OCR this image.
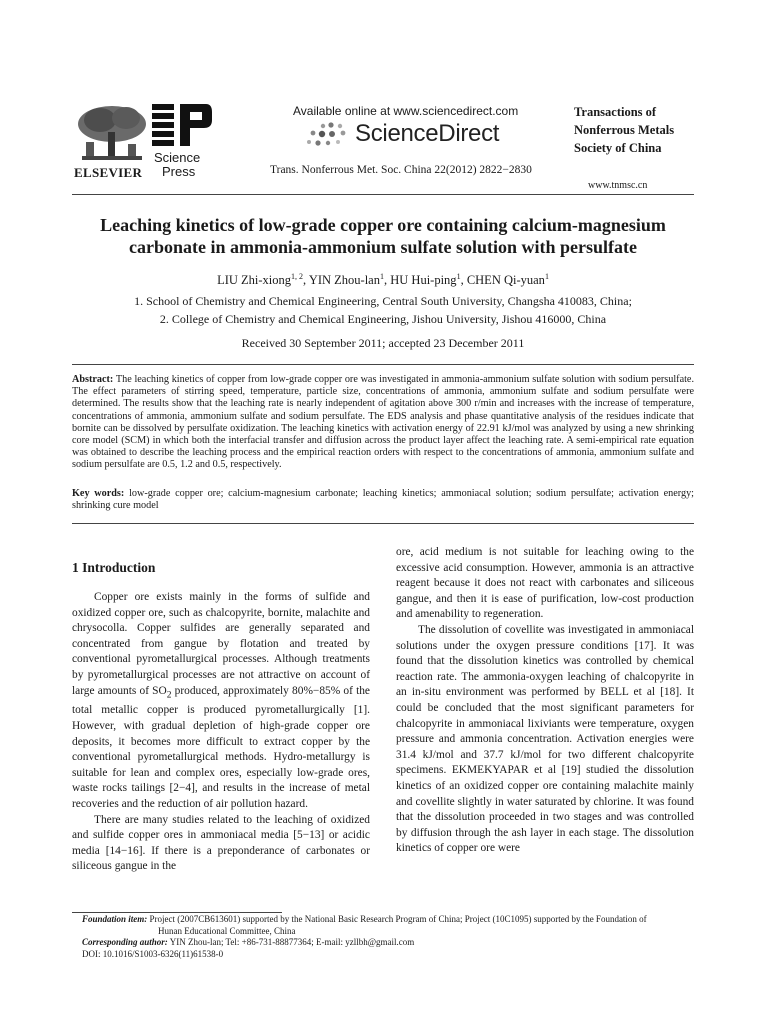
ELSEVIER
Science
Press
Available online at www.sciencedirect.com
ScienceDirect
Trans. Nonferrous Met. Soc. China 22(2012) 2822−2830
Transactions of
Nonferrous Metals
Society of China
www.tnmsc.cn
Leaching kinetics of low-grade copper ore containing calcium-magnesium
carbonate in ammonia-ammonium sulfate solution with persulfate
LIU Zhi-xiong$^{1, 2}$, YIN Zhou-lan$^1$, HU Hui-ping$^1$, CHEN Qi-yuan$^1$
1. School of Chemistry and Chemical Engineering, Central South University, Changsha 410083, China;
2. College of Chemistry and Chemical Engineering, Jishou University, Jishou 416000, China
Received 30 September 2011; accepted 23 December 2011
Abstract: The leaching kinetics of copper from low-grade copper ore was investigated in ammonia-ammonium sulfate solution with sodium persulfate. The effect parameters of stirring speed, temperature, particle size, concentrations of ammonia, ammonium sulfate and sodium persulfate were determined. The results show that the leaching rate is nearly independent of agitation above 300 r/min and increases with the increase of temperature, concentrations of ammonia, ammonium sulfate and sodium persulfate. The EDS analysis and phase quantitative analysis of the residues indicate that bornite can be dissolved by persulfate oxidization. The leaching kinetics with activation energy of 22.91 kJ/mol was analyzed by using a new shrinking core model (SCM) in which both the interfacial transfer and diffusion across the product layer affect the leaching rate. A semi-empirical rate equation was obtained to describe the leaching process and the empirical reaction orders with respect to the concentrations of ammonia, ammonium sulfate and sodium persulfate are 0.5, 1.2 and 0.5, respectively.
Key words: low-grade copper ore; calcium-magnesium carbonate; leaching kinetics; ammoniacal solution; sodium persulfate; activation energy; shrinking cure model
1 Introduction

Copper ore exists mainly in the forms of sulfide and oxidized copper ore, such as chalcopyrite, bornite, malachite and chrysocolla. Copper sulfides are generally separated and concentrated from gangue by flotation and treated by conventional pyrometallurgical processes. Although treatments by pyrometallurgical processes are not attractive on account of large amounts of $SO_2$ produced, approximately 80%−85% of the total metallic copper is produced pyrometallurgically [1]. However, with gradual depletion of high-grade copper ore deposits, it becomes more difficult to extract copper by the conventional pyrometallurgical methods. Hydro-metallurgy is suitable for lean and complex ores, especially low-grade ores, waste rocks tailings [2−4], and results in the increase of metal recoveries and the reduction of air pollution hazard.

There are many studies related to the leaching of oxidized and sulfide copper ores in ammoniacal media [5−13] or acidic media [14−16]. If there is a preponderance of carbonates or siliceous gangue in the

ore, acid medium is not suitable for leaching owing to the excessive acid consumption. However, ammonia is an attractive reagent because it does not react with carbonates and siliceous gangue, and then it is ease of purification, low-cost production and amenability to regeneration.

The dissolution of covellite was investigated in ammoniacal solutions under the oxygen pressure conditions [17]. It was found that the dissolution kinetics was controlled by chemical reaction rate. The ammonia-oxygen leaching of chalcopyrite in an in-situ environment was performed by BELL et al [18]. It could be concluded that the most significant parameters for chalcopyrite in ammoniacal lixiviants were temperature, oxygen pressure and ammonia concentration. Activation energies were 31.4 kJ/mol and 37.7 kJ/mol for two different chalcopyrite specimens. EKMEKYAPAR et al [19] studied the dissolution kinetics of an oxidized copper ore containing malachite mainly and covellite slightly in water saturated by chlorine. It was found that the dissolution proceeded in two stages and was controlled by diffusion through the ash layer in each stage. The dissolution kinetics of copper ore were

Foundation item: Project (2007CB613601) supported by the National Basic Research Program of China; Project (10C1095) supported by the Foundation of
Hunan Educational Committee, China
Corresponding author: YIN Zhou-lan; Tel: +86-731-88877364; E-mail: yzllbh@gmail.com
DOI: 10.1016/S1003-6326(11)61538-0
